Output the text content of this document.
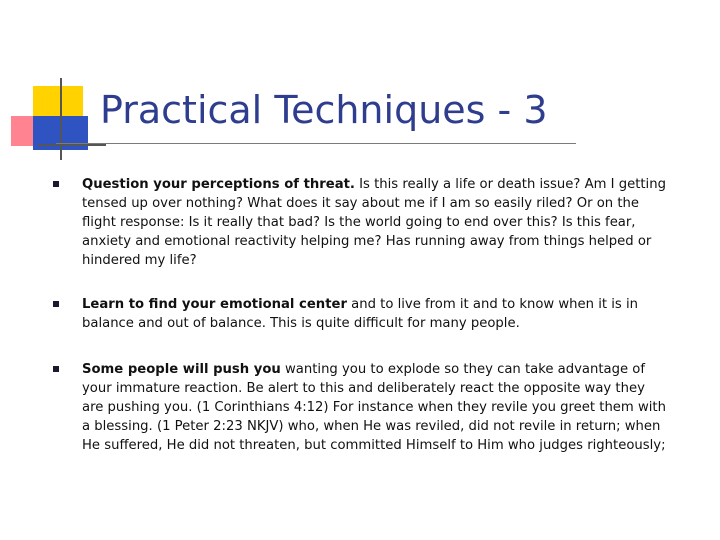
Practical Techniques - 3

Question your perceptions of threat. Is this really a life or death issue? Am I getting tensed up over nothing? What does it say about me if I am so easily riled? Or on the flight response: Is it really that bad? Is the world going to end over this? Is this fear, anxiety and emotional reactivity helping me? Has running away from things helped or hindered my life?

Learn to find your emotional center and to live from it and to know when it is in balance and out of balance. This is quite difficult for many people.

Some people will push you wanting you to explode so they can take advantage of your immature reaction. Be alert to this and deliberately react the opposite way they are pushing you. (1 Corinthians 4:12) For instance when they revile you greet them with a blessing. (1 Peter 2:23 NKJV) who, when He was reviled, did not revile in return; when He suffered, He did not threaten, but committed Himself to Him who judges righteously;
